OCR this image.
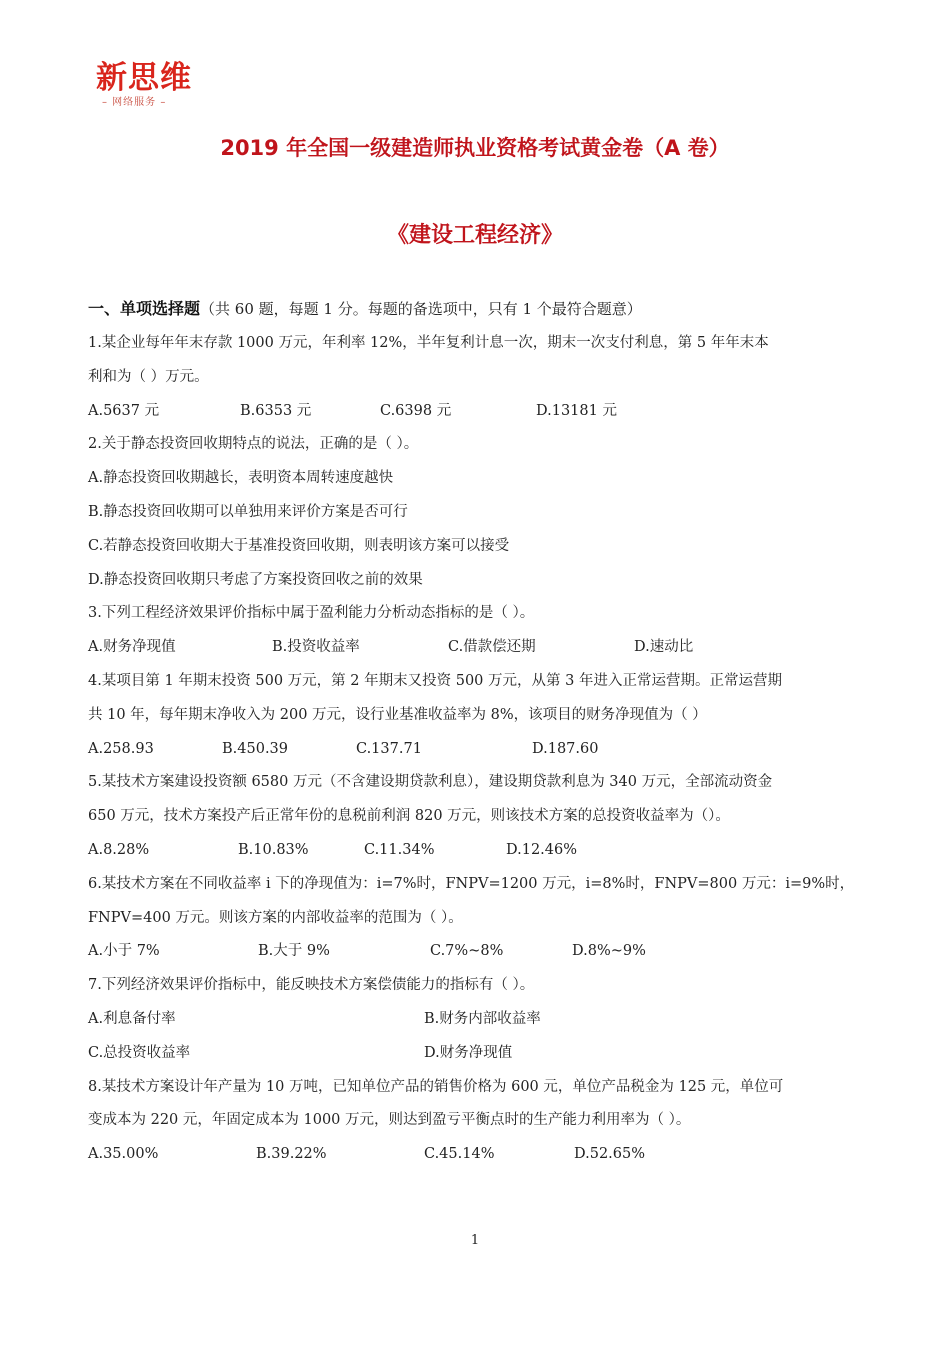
新思维
– 网络服务 –
2019 年全国一级建造师执业资格考试黄金卷（A 卷）
《建设工程经济》
一、单项选择题（共 60 题，每题 1 分。每题的备选项中，只有 1 个最符合题意）
1.某企业每年年末存款 1000 万元，年利率 12%，半年复利计息一次，期末一次支付利息，第 5 年年末本
利和为（ ）万元。
A.5637 元	B.6353 元	C.6398 元	D.13181 元
2.关于静态投资回收期特点的说法，正确的是（ ）。
A.静态投资回收期越长，表明资本周转速度越快
B.静态投资回收期可以单独用来评价方案是否可行
C.若静态投资回收期大于基准投资回收期，则表明该方案可以接受
D.静态投资回收期只考虑了方案投资回收之前的效果
3.下列工程经济效果评价指标中属于盈利能力分析动态指标的是（ ）。
A.财务净现值	B.投资收益率	C.借款偿还期	D.速动比
4.某项目第 1 年期末投资 500 万元，第 2 年期末又投资 500 万元，从第 3 年进入正常运营期。正常运营期
共 10 年，每年期末净收入为 200 万元，设行业基准收益率为 8%，该项目的财务净现值为（ ）
A.258.93	B.450.39	C.137.71	D.187.60
5.某技术方案建设投资额 6580 万元（不含建设期贷款利息），建设期贷款利息为 340 万元，全部流动资金
650 万元，技术方案投产后正常年份的息税前利润 820 万元，则该技术方案的总投资收益率为（）。
A.8.28%	B.10.83%	C.11.34%	D.12.46%
6.某技术方案在不同收益率 i 下的净现值为：i=7%时，FNPV=1200 万元，i=8%时，FNPV=800 万元：i=9%时，
FNPV=400 万元。则该方案的内部收益率的范围为（ ）。
A.小于 7%	B.大于 9%	C.7%~8%	D.8%~9%
7.下列经济效果评价指标中，能反映技术方案偿债能力的指标有（ ）。
A.利息备付率	B.财务内部收益率
C.总投资收益率	D.财务净现值
8.某技术方案设计年产量为 10 万吨，已知单位产品的销售价格为 600 元，单位产品税金为 125 元，单位可
变成本为 220 元，年固定成本为 1000 万元，则达到盈亏平衡点时的生产能力利用率为（ ）。
A.35.00%	B.39.22%	C.45.14%	D.52.65%
1
